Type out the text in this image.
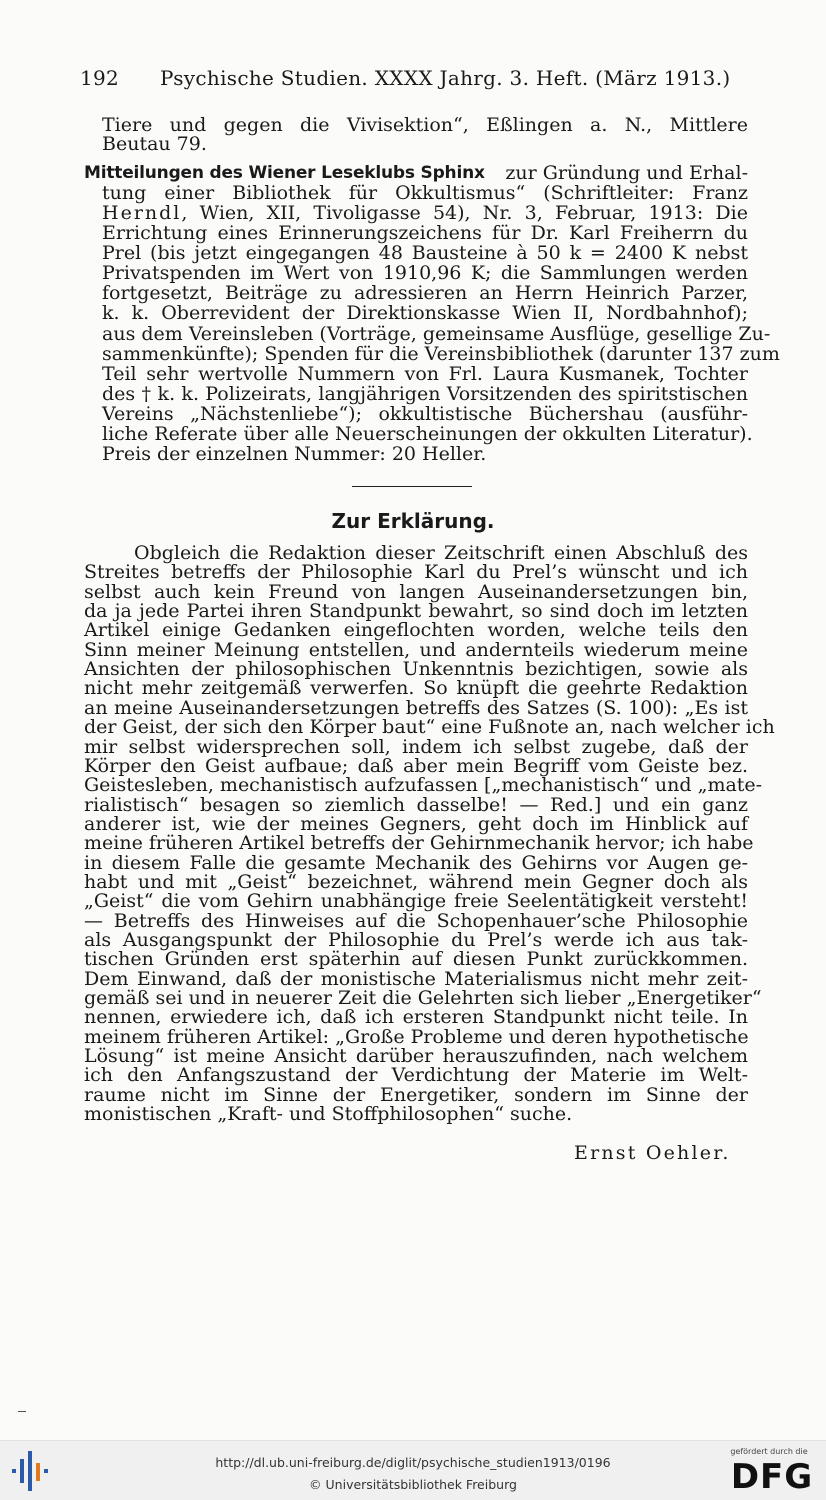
192 Psychische Studien. XXXX Jahrg. 3. Heft. (März 1913.)
Tiere und gegen die Vivisektion“, Eßlingen a. N., Mittlere
Beutau 79.
Mitteilungen des Wiener Leseklubs Sphinx zur Gründung und Erhal-
tung einer Bibliothek für Okkultismus“ (Schriftleiter: Franz
Herndl , Wien, XII, Tivoligasse 54), Nr. 3, Februar, 1913: Die
Errichtung eines Erinnerungszeichens für Dr. Karl Freiherrn du
Prel (bis jetzt eingegangen 48 Bausteine à 50 k = 2400 K nebst
Privatspenden im Wert von 1910,96 K; die Sammlungen werden
fortgesetzt, Beiträge zu adressieren an Herrn Heinrich Parzer,
k. k. Oberrevident der Direktionskasse Wien II, Nordbahnhof);
aus dem Vereinsleben (Vorträge, gemeinsame Ausflüge, gesellige Zu-
sammenkünfte); Spenden für die Vereinsbibliothek (darunter 137 zum
Teil sehr wertvolle Nummern von Frl. Laura Kusmanek, Tochter
des † k. k. Polizeirats, langjährigen Vorsitzenden des spiritstischen
Vereins „Nächstenliebe“); okkultistische Büchershau (ausführ-
liche Referate über alle Neuerscheinungen der okkulten Literatur).
Preis der einzelnen Nummer: 20 Heller.
Zur Erklärung.
Obgleich die Redaktion dieser Zeitschrift einen Abschluß des
Streites betreffs der Philosophie Karl du Prel’s wünscht und ich
selbst auch kein Freund von langen Auseinandersetzungen bin,
da ja jede Partei ihren Standpunkt bewahrt, so sind doch im letzten
Artikel einige Gedanken eingeflochten worden, welche teils den
Sinn meiner Meinung entstellen, und andernteils wiederum meine
Ansichten der philosophischen Unkenntnis bezichtigen, sowie als
nicht mehr zeitgemäß verwerfen. So knüpft die geehrte Redaktion
an meine Auseinandersetzungen betreffs des Satzes (S. 100): „Es ist
der Geist, der sich den Körper baut“ eine Fußnote an, nach welcher ich
mir selbst widersprechen soll, indem ich selbst zugebe, daß der
Körper den Geist aufbaue; daß aber mein Begriff vom Geiste bez.
Geistesleben, mechanistisch aufzufassen [„mechanistisch“ und „mate-
rialistisch“ besagen so ziemlich dasselbe! — Red.] und ein ganz
anderer ist, wie der meines Gegners, geht doch im Hinblick auf
meine früheren Artikel betreffs der Gehirnmechanik hervor; ich habe
in diesem Falle die gesamte Mechanik des Gehirns vor Augen ge-
habt und mit „Geist“ bezeichnet, während mein Gegner doch als
„Geist“ die vom Gehirn unabhängige freie Seelentätigkeit versteht!
— Betreffs des Hinweises auf die Schopenhauer’sche Philosophie
als Ausgangspunkt der Philosophie du Prel’s werde ich aus tak-
tischen Gründen erst späterhin auf diesen Punkt zurückkommen.
Dem Einwand, daß der monistische Materialismus nicht mehr zeit-
gemäß sei und in neuerer Zeit die Gelehrten sich lieber „Energetiker“
nennen, erwiedere ich, daß ich ersteren Standpunkt nicht teile. In
meinem früheren Artikel: „Große Probleme und deren hypothetische
Lösung“ ist meine Ansicht darüber herauszufinden, nach welchem
ich den Anfangszustand der Verdichtung der Materie im Welt-
raume nicht im Sinne der Energetiker, sondern im Sinne der
monistischen „Kraft- und Stoffphilosophen“ suche.
Ernst Oehler.
http://dl.ub.uni-freiburg.de/diglit/psychische_studien1913/0196
© Universitätsbibliothek Freiburg
gefördert durch die
DFG
